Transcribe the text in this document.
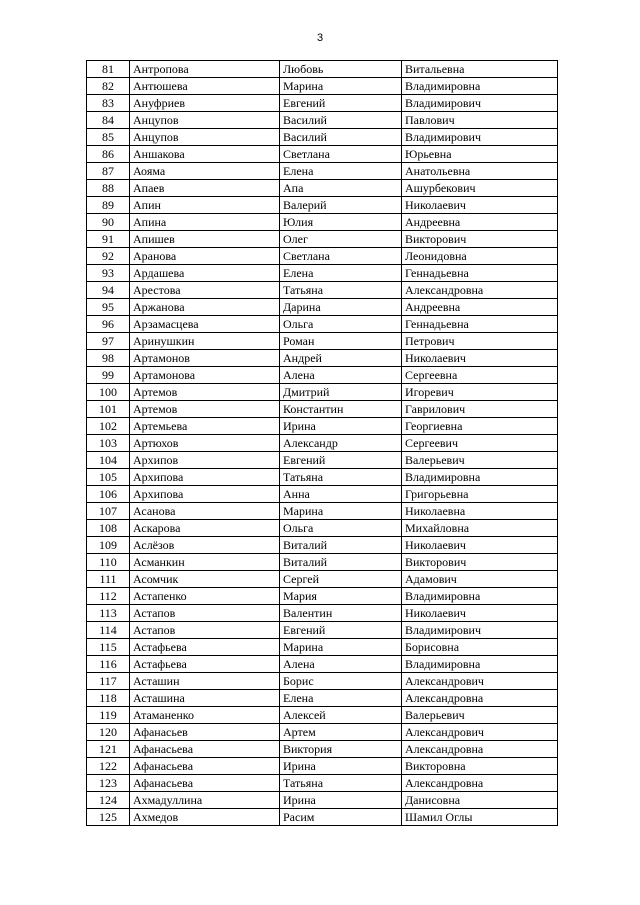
3
81	Антропова	Любовь	Витальевна
82	Антюшева	Марина	Владимировна
83	Ануфриев	Евгений	Владимирович
84	Анцупов	Василий	Павлович
85	Анцупов	Василий	Владимирович
86	Аншакова	Светлана	Юрьевна
87	Аояма	Елена	Анатольевна
88	Апаев	Апа	Ашурбекович
89	Апин	Валерий	Николаевич
90	Апина	Юлия	Андреевна
91	Апишев	Олег	Викторович
92	Аранова	Светлана	Леонидовна
93	Ардашева	Елена	Геннадьевна
94	Арестова	Татьяна	Александровна
95	Аржанова	Дарина	Андреевна
96	Арзамасцева	Ольга	Геннадьевна
97	Аринушкин	Роман	Петрович
98	Артамонов	Андрей	Николаевич
99	Артамонова	Алена	Сергеевна
100	Артемов	Дмитрий	Игоревич
101	Артемов	Константин	Гаврилович
102	Артемьева	Ирина	Георгиевна
103	Артюхов	Александр	Сергеевич
104	Архипов	Евгений	Валерьевич
105	Архипова	Татьяна	Владимировна
106	Архипова	Анна	Григорьевна
107	Асанова	Марина	Николаевна
108	Аскарова	Ольга	Михайловна
109	Аслёзов	Виталий	Николаевич
110	Асманкин	Виталий	Викторович
111	Асомчик	Сергей	Адамович
112	Астапенко	Мария	Владимировна
113	Астапов	Валентин	Николаевич
114	Астапов	Евгений	Владимирович
115	Астафьева	Марина	Борисовна
116	Астафьева	Алена	Владимировна
117	Асташин	Борис	Александрович
118	Асташина	Елена	Александровна
119	Атаманенко	Алексей	Валерьевич
120	Афанасьев	Артем	Александрович
121	Афанасьева	Виктория	Александровна
122	Афанасьева	Ирина	Викторовна
123	Афанасьева	Татьяна	Александровна
124	Ахмадуллина	Ирина	Данисовна
125	Ахмедов	Расим	Шамил Оглы
